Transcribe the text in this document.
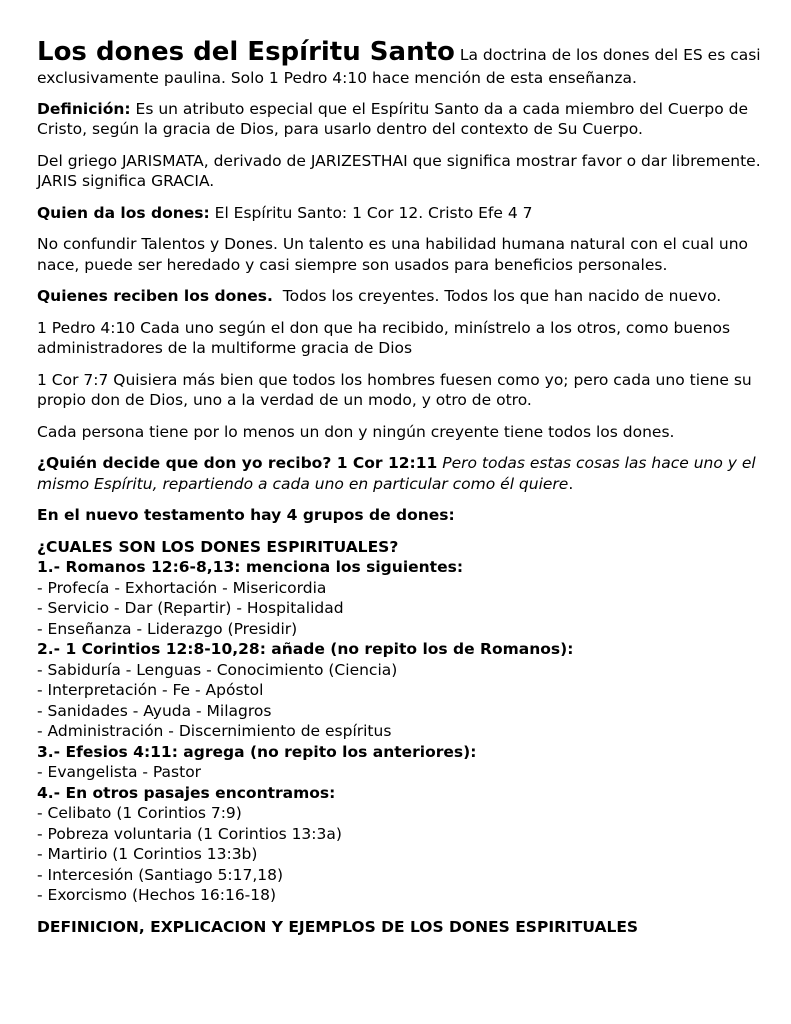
Los dones del Espíritu Santo La doctrina de los dones del ES es casi exclusivamente paulina. Solo 1 Pedro 4:10 hace mención de esta enseñanza.

Definición: Es un atributo especial que el Espíritu Santo da a cada miembro del Cuerpo de Cristo, según la gracia de Dios, para usarlo dentro del contexto de Su Cuerpo.

Del griego JARISMATA, derivado de JARIZESTHAI que significa mostrar favor o dar libremente. JARIS significa GRACIA.

Quien da los dones: El Espíritu Santo: 1 Cor 12. Cristo Efe 4 7

No confundir Talentos y Dones. Un talento es una habilidad humana natural con el cual uno nace, puede ser heredado y casi siempre son usados para beneficios personales.

Quienes reciben los dones. Todos los creyentes. Todos los que han nacido de nuevo.

1 Pedro 4:10 Cada uno según el don que ha recibido, minístrelo a los otros, como buenos administradores de la multiforme gracia de Dios

1 Cor 7:7 Quisiera más bien que todos los hombres fuesen como yo; pero cada uno tiene su propio don de Dios, uno a la verdad de un modo, y otro de otro.

Cada persona tiene por lo menos un don y ningún creyente tiene todos los dones.

¿Quién decide que don yo recibo? 1 Cor 12:11 Pero todas estas cosas las hace uno y el mismo Espíritu, repartiendo a cada uno en particular como él quiere.

En el nuevo testamento hay 4 grupos de dones:

¿CUALES SON LOS DONES ESPIRITUALES?
1.- Romanos 12:6-8,13: menciona los siguientes:
- Profecía - Exhortación - Misericordia
- Servicio - Dar (Repartir) - Hospitalidad
- Enseñanza - Liderazgo (Presidir)
2.- 1 Corintios 12:8-10,28: añade (no repito los de Romanos):
- Sabiduría - Lenguas - Conocimiento (Ciencia)
- Interpretación - Fe - Apóstol
- Sanidades - Ayuda - Milagros
- Administración - Discernimiento de espíritus
3.- Efesios 4:11: agrega (no repito los anteriores):
- Evangelista - Pastor
4.- En otros pasajes encontramos:
- Celibato (1 Corintios 7:9)
- Pobreza voluntaria (1 Corintios 13:3a)
- Martirio (1 Corintios 13:3b)
- Intercesión (Santiago 5:17,18)
- Exorcismo (Hechos 16:16-18)

DEFINICION, EXPLICACION Y EJEMPLOS DE LOS DONES ESPIRITUALES
